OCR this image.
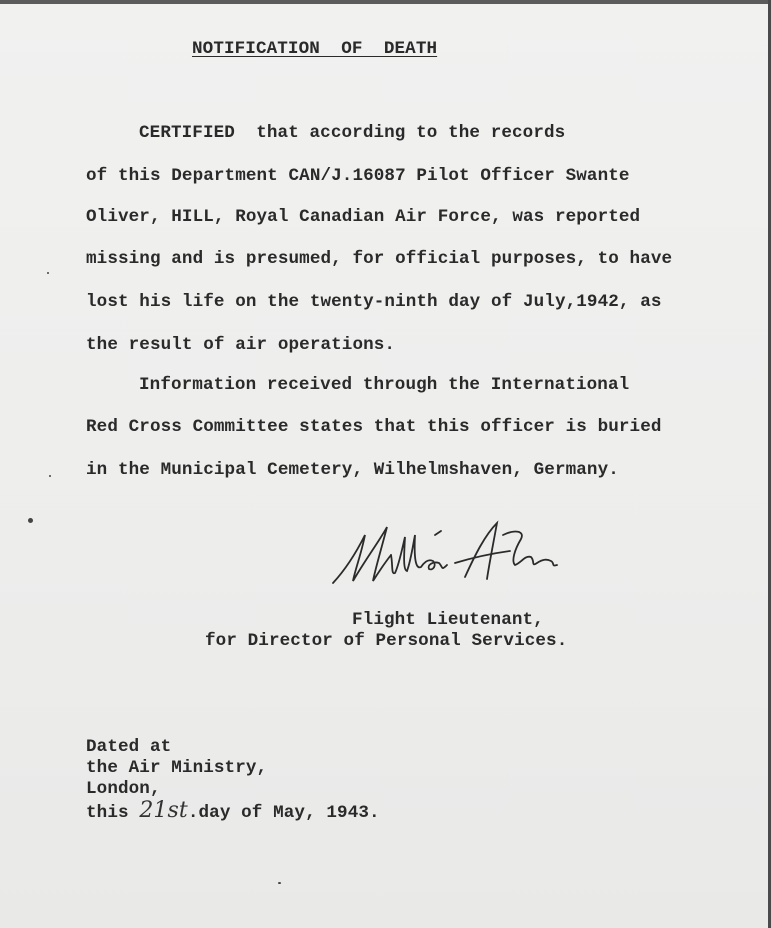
NOTIFICATION  OF  DEATH
CERTIFIED  that according to the records
of this Department CAN/J.16087 Pilot Officer Swante
Oliver, HILL, Royal Canadian Air Force, was reported
missing and is presumed, for official purposes, to have
lost his life on the twenty-ninth day of July,1942, as
the result of air operations.
Information received through the International
Red Cross Committee states that this officer is buried
in the Municipal Cemetery, Wilhelmshaven, Germany.
Flight Lieutenant,
for Director of Personal Services.
Dated at
the Air Ministry,
London,
this 21st.day of May, 1943.
